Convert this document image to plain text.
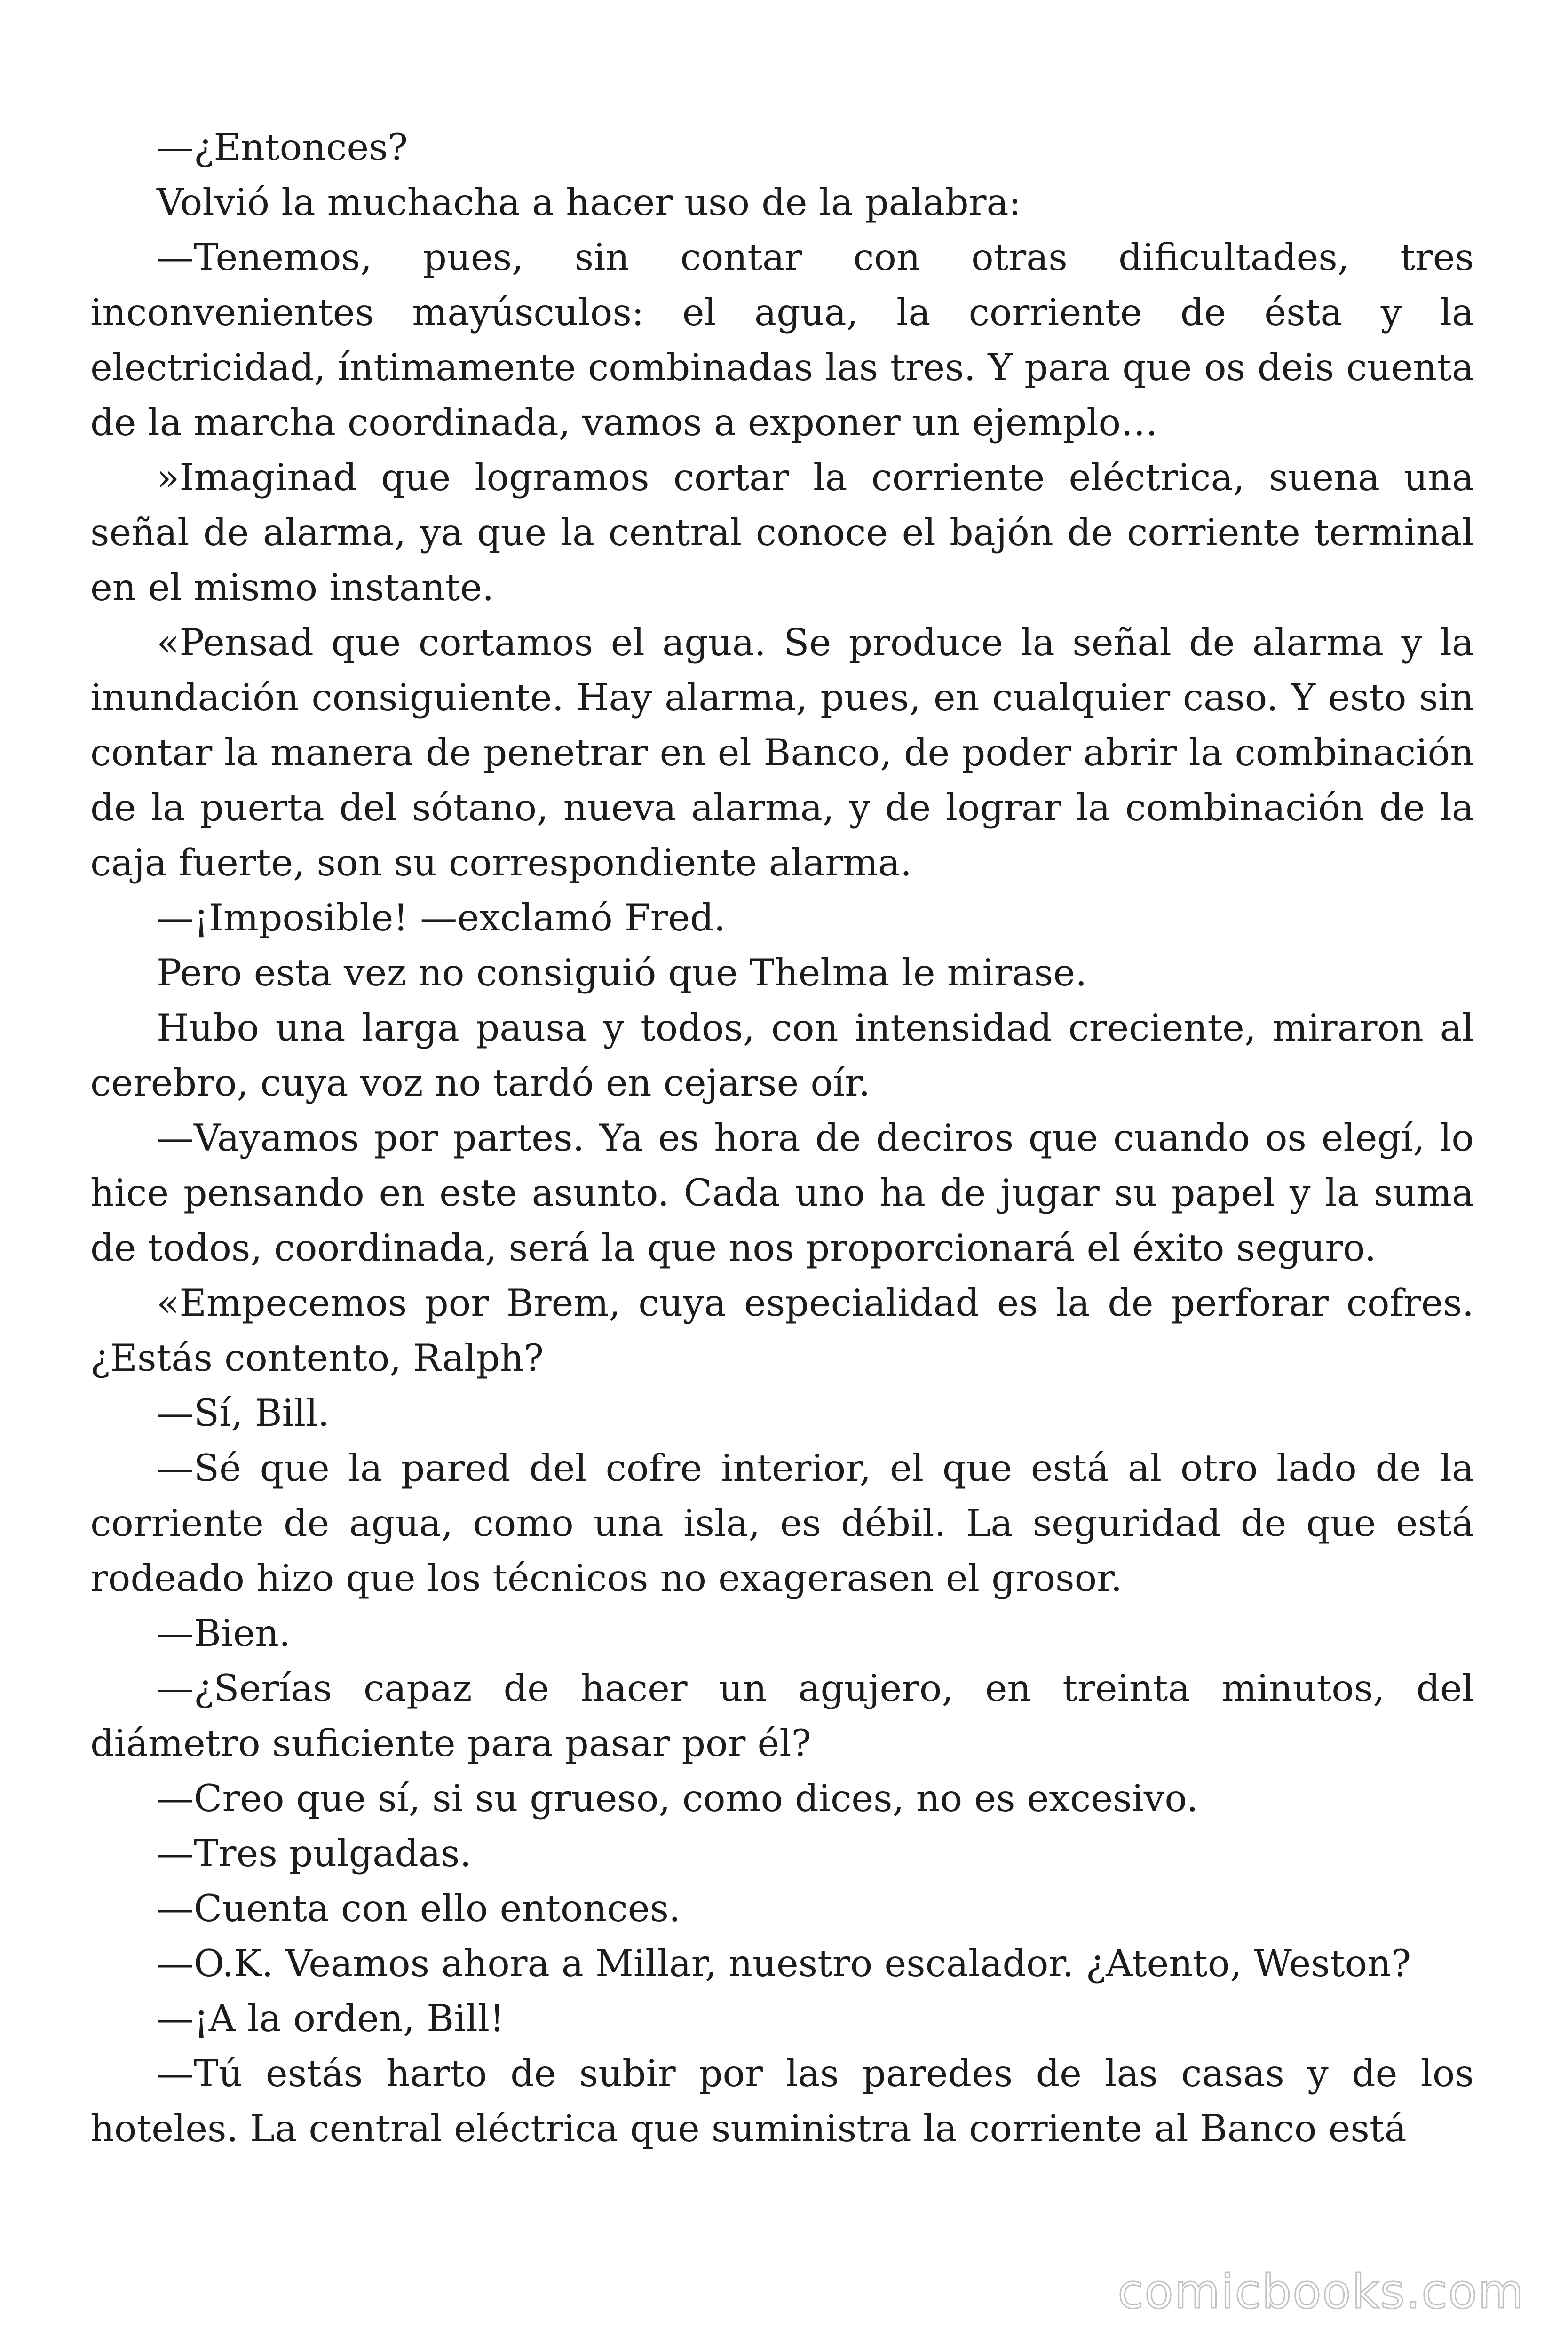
—¿Entonces?

Volvió la muchacha a hacer uso de la palabra:

—Tenemos, pues, sin contar con otras dificultades, tres inconvenientes mayúsculos: el agua, la corriente de ésta y la electricidad, íntimamente combinadas las tres. Y para que os deis cuenta de la marcha coordinada, vamos a exponer un ejemplo…

»Imaginad que logramos cortar la corriente eléctrica, suena una señal de alarma, ya que la central conoce el bajón de corriente terminal en el mismo instante.

«Pensad que cortamos el agua. Se produce la señal de alarma y la inundación consiguiente. Hay alarma, pues, en cualquier caso. Y esto sin contar la manera de penetrar en el Banco, de poder abrir la combinación de la puerta del sótano, nueva alarma, y de lograr la combinación de la caja fuerte, son su correspondiente alarma.

—¡Imposible! —exclamó Fred.

Pero esta vez no consiguió que Thelma le mirase.

Hubo una larga pausa y todos, con intensidad creciente, miraron al cerebro, cuya voz no tardó en cejarse oír.

—Vayamos por partes. Ya es hora de deciros que cuando os elegí, lo hice pensando en este asunto. Cada uno ha de jugar su papel y la suma de todos, coordinada, será la que nos proporcionará el éxito seguro.

«Empecemos por Brem, cuya especialidad es la de perforar cofres. ¿Estás contento, Ralph?

—Sí, Bill.

—Sé que la pared del cofre interior, el que está al otro lado de la corriente de agua, como una isla, es débil. La seguridad de que está rodeado hizo que los técnicos no exagerasen el grosor.

—Bien.

—¿Serías capaz de hacer un agujero, en treinta minutos, del diámetro suficiente para pasar por él?

—Creo que sí, si su grueso, como dices, no es excesivo.

—Tres pulgadas.

—Cuenta con ello entonces.

—O.K. Veamos ahora a Millar, nuestro escalador. ¿Atento, Weston?

—¡A la orden, Bill!

—Tú estás harto de subir por las paredes de las casas y de los hoteles. La central eléctrica que suministra la corriente al Banco está

comicbooks.com
